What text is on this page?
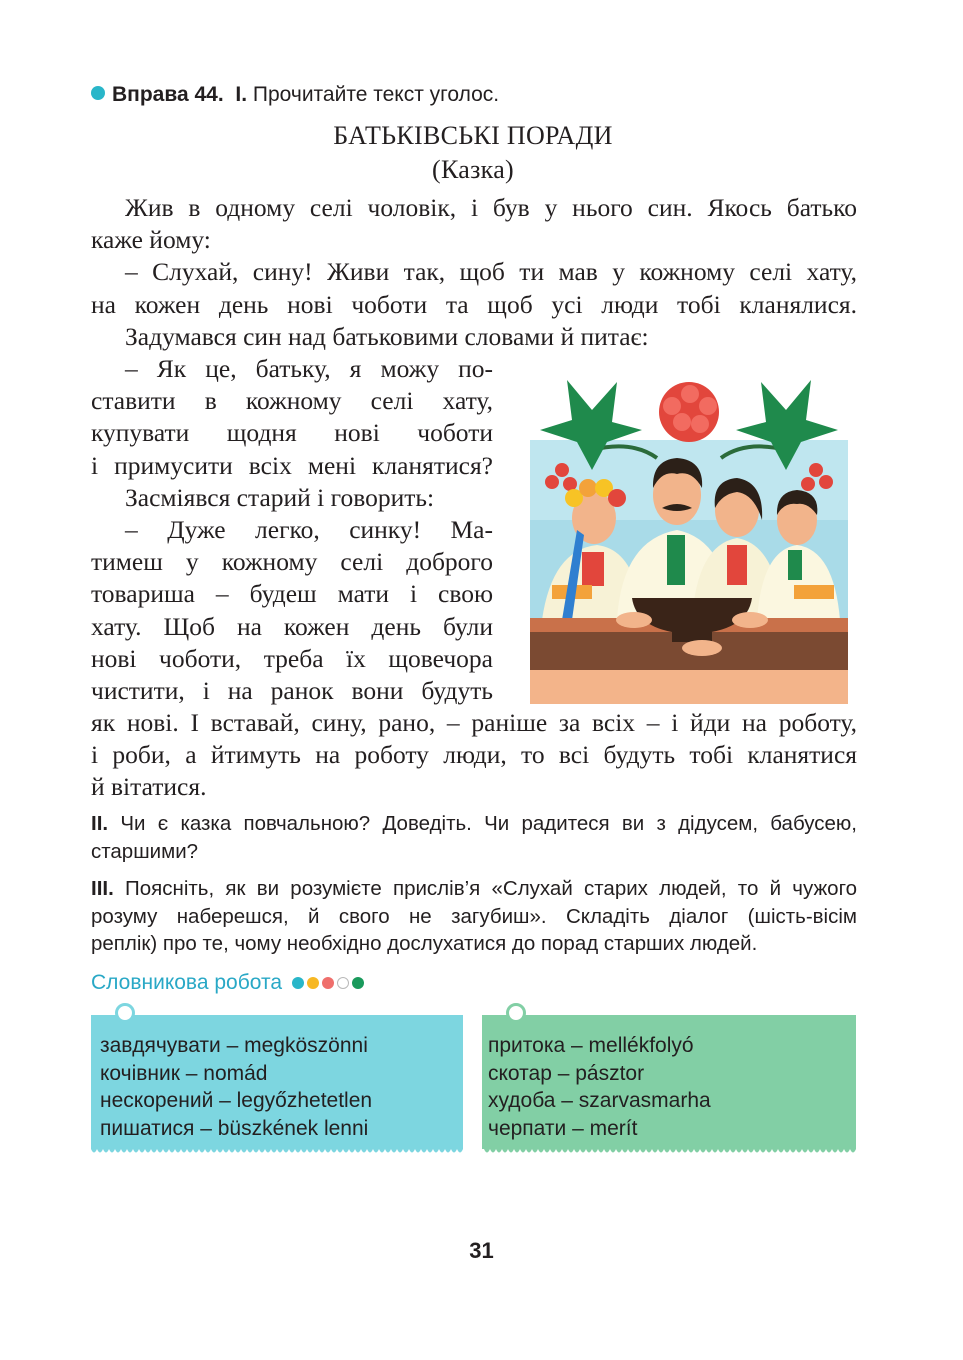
Вправа 44. I. Прочитайте текст уголос.
БАТЬКІВСЬКІ ПОРАДИ
(Казка)
Жив в одному селі чоловік, і був у нього син. Якось батько
каже йому:
– Слухай, сину! Живи так, щоб ти мав у кожному селі хату,
на кожен день нові чоботи та щоб усі люди тобі кланялися.
Задумався син над батьковими словами й питає:
– Як це, батьку, я можу по-
ставити в кожному селі хату,
купувати щодня нові чоботи
і примусити всіх мені кланятися?
Засміявся старий і говорить:
– Дуже легко, синку! Ма-
тимеш у кожному селі доброго
товариша – будеш мати і свою
хату. Щоб на кожен день були
нові чоботи, треба їх щовечора
чистити, і на ранок вони будуть
як нові. І вставай, сину, рано, – раніше за всіх – і йди на роботу,
і роби, а йтимуть на роботу люди, то всі будуть тобі кланятися
й вітатися.
II. Чи є казка повчальною? Доведіть. Чи радитеся ви з дідусем, бабусею,
старшими?
III. Поясніть, як ви розумієте прислів’я «Слухай старих людей, то й чужого
розуму наберешся, й свого не загубиш». Складіть діалог (шість-вісім
реплік) про те, чому необхідно дослухатися до порад старших людей.
Словникова робота
завдячувати – megköszönni
кочівник – nomád
нескорений – legyőzhetetlen
пишатися – büszkének lenni
притока – mellékfolyó
скотар – pásztor
худоба – szarvasmarha
черпати – merít
31
